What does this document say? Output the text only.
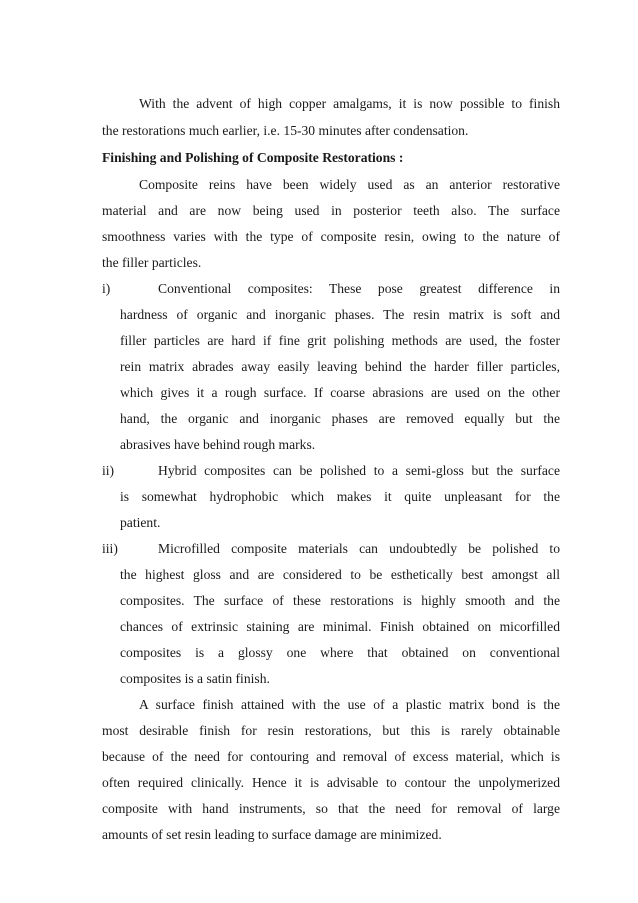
With the advent of high copper amalgams, it is now possible to finish
the restorations much earlier, i.e. 15-30 minutes after condensation.
Finishing and Polishing of Composite Restorations :
Composite reins have been widely used as an anterior restorative
material and are now being used in posterior teeth also. The surface
smoothness varies with the type of composite resin, owing to the nature of
the filler particles.
i)	Conventional composites: These pose greatest difference in
hardness of organic and inorganic phases. The resin matrix is soft and
filler particles are hard if fine grit polishing methods are used, the foster
rein matrix abrades away easily leaving behind the harder filler particles,
which gives it a rough surface. If coarse abrasions are used on the other
hand, the organic and inorganic phases are removed equally but the
abrasives have behind rough marks.
ii)	Hybrid composites can be polished to a semi-gloss but the surface
is somewhat hydrophobic which makes it quite unpleasant for the
patient.
iii)	Microfilled composite materials can undoubtedly be polished to
the highest gloss and are considered to be esthetically best amongst all
composites. The surface of these restorations is highly smooth and the
chances of extrinsic staining are minimal. Finish obtained on micorfilled
composites is a glossy one where that obtained on conventional
composites is a satin finish.
A surface finish attained with the use of a plastic matrix bond is the
most desirable finish for resin restorations, but this is rarely obtainable
because of the need for contouring and removal of excess material, which is
often required clinically. Hence it is advisable to contour the unpolymerized
composite with hand instruments, so that the need for removal of large
amounts of set resin leading to surface damage are minimized.
